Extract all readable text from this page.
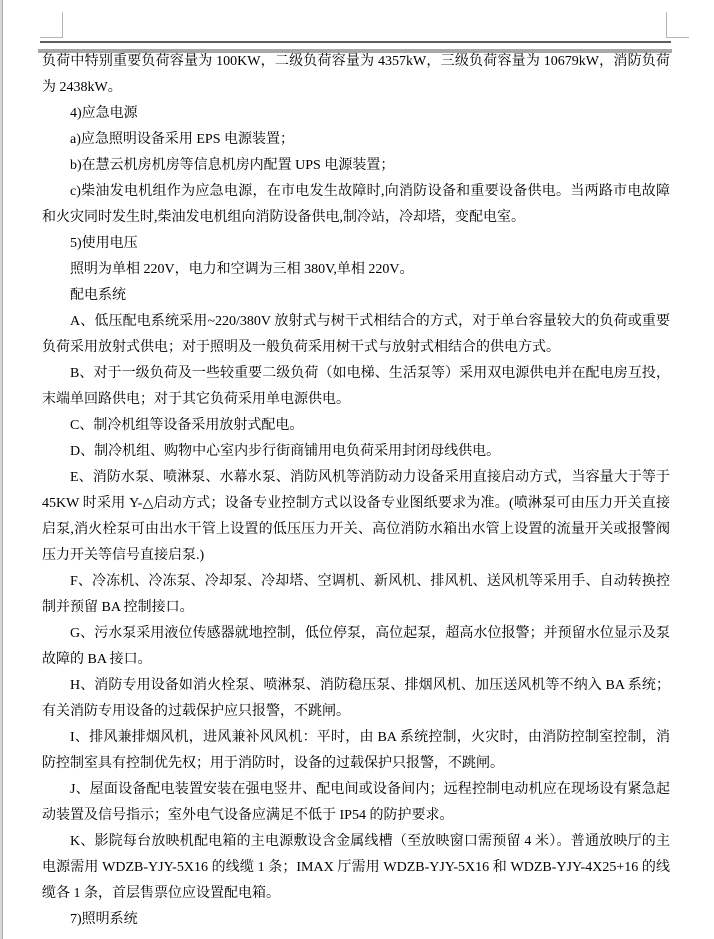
负荷中特别重要负荷容量为 100KW，二级负荷容量为 4357kW，三级负荷容量为 10679kW，消防负荷为 2438kW。

4)应急电源

a)应急照明设备采用 EPS 电源装置；

b)在慧云机房机房等信息机房内配置 UPS 电源装置；

c)柴油发电机组作为应急电源，在市电发生故障时,向消防设备和重要设备供电。当两路市电故障和火灾同时发生时,柴油发电机组向消防设备供电,制冷站，冷却塔，变配电室。

5)使用电压

照明为单相 220V，电力和空调为三相 380V,单相 220V。

配电系统

A、低压配电系统采用~220/380V 放射式与树干式相结合的方式，对于单台容量较大的负荷或重要负荷采用放射式供电；对于照明及一般负荷采用树干式与放射式相结合的供电方式。

B、对于一级负荷及一些较重要二级负荷（如电梯、生活泵等）采用双电源供电并在配电房互投，末端单回路供电；对于其它负荷采用单电源供电。

C、制冷机组等设备采用放射式配电。

D、制冷机组、购物中心室内步行街商铺用电负荷采用封闭母线供电。

E、消防水泵、喷淋泵、水幕水泵、消防风机等消防动力设备采用直接启动方式，当容量大于等于 45KW 时采用 Y-△启动方式；设备专业控制方式以设备专业图纸要求为准。(喷淋泵可由压力开关直接启泵,消火栓泵可由出水干管上设置的低压压力开关、高位消防水箱出水管上设置的流量开关或报警阀压力开关等信号直接启泵.)

F、冷冻机、冷冻泵、冷却泵、冷却塔、空调机、新风机、排风机、送风机等采用手、自动转换控制并预留 BA 控制接口。

G、污水泵采用液位传感器就地控制，低位停泵，高位起泵，超高水位报警；并预留水位显示及泵故障的 BA 接口。

H、消防专用设备如消火栓泵、喷淋泵、消防稳压泵、排烟风机、加压送风机等不纳入 BA 系统；有关消防专用设备的过载保护应只报警，不跳闸。

I、排风兼排烟风机，进风兼补风风机：平时，由 BA 系统控制，火灾时，由消防控制室控制，消防控制室具有控制优先权；用于消防时，设备的过载保护只报警，不跳闸。

J、屋面设备配电装置安装在强电竖井、配电间或设备间内；远程控制电动机应在现场设有紧急起动装置及信号指示；室外电气设备应满足不低于 IP54 的防护要求。

K、影院每台放映机配电箱的主电源敷设含金属线槽（至放映窗口需预留 4 米）。普通放映厅的主电源需用 WDZB-YJY-5X16 的线缆 1 条；IMAX 厅需用 WDZB-YJY-5X16 和 WDZB-YJY-4X25+16 的线缆各 1 条，首层售票位应设置配电箱。

7)照明系统
